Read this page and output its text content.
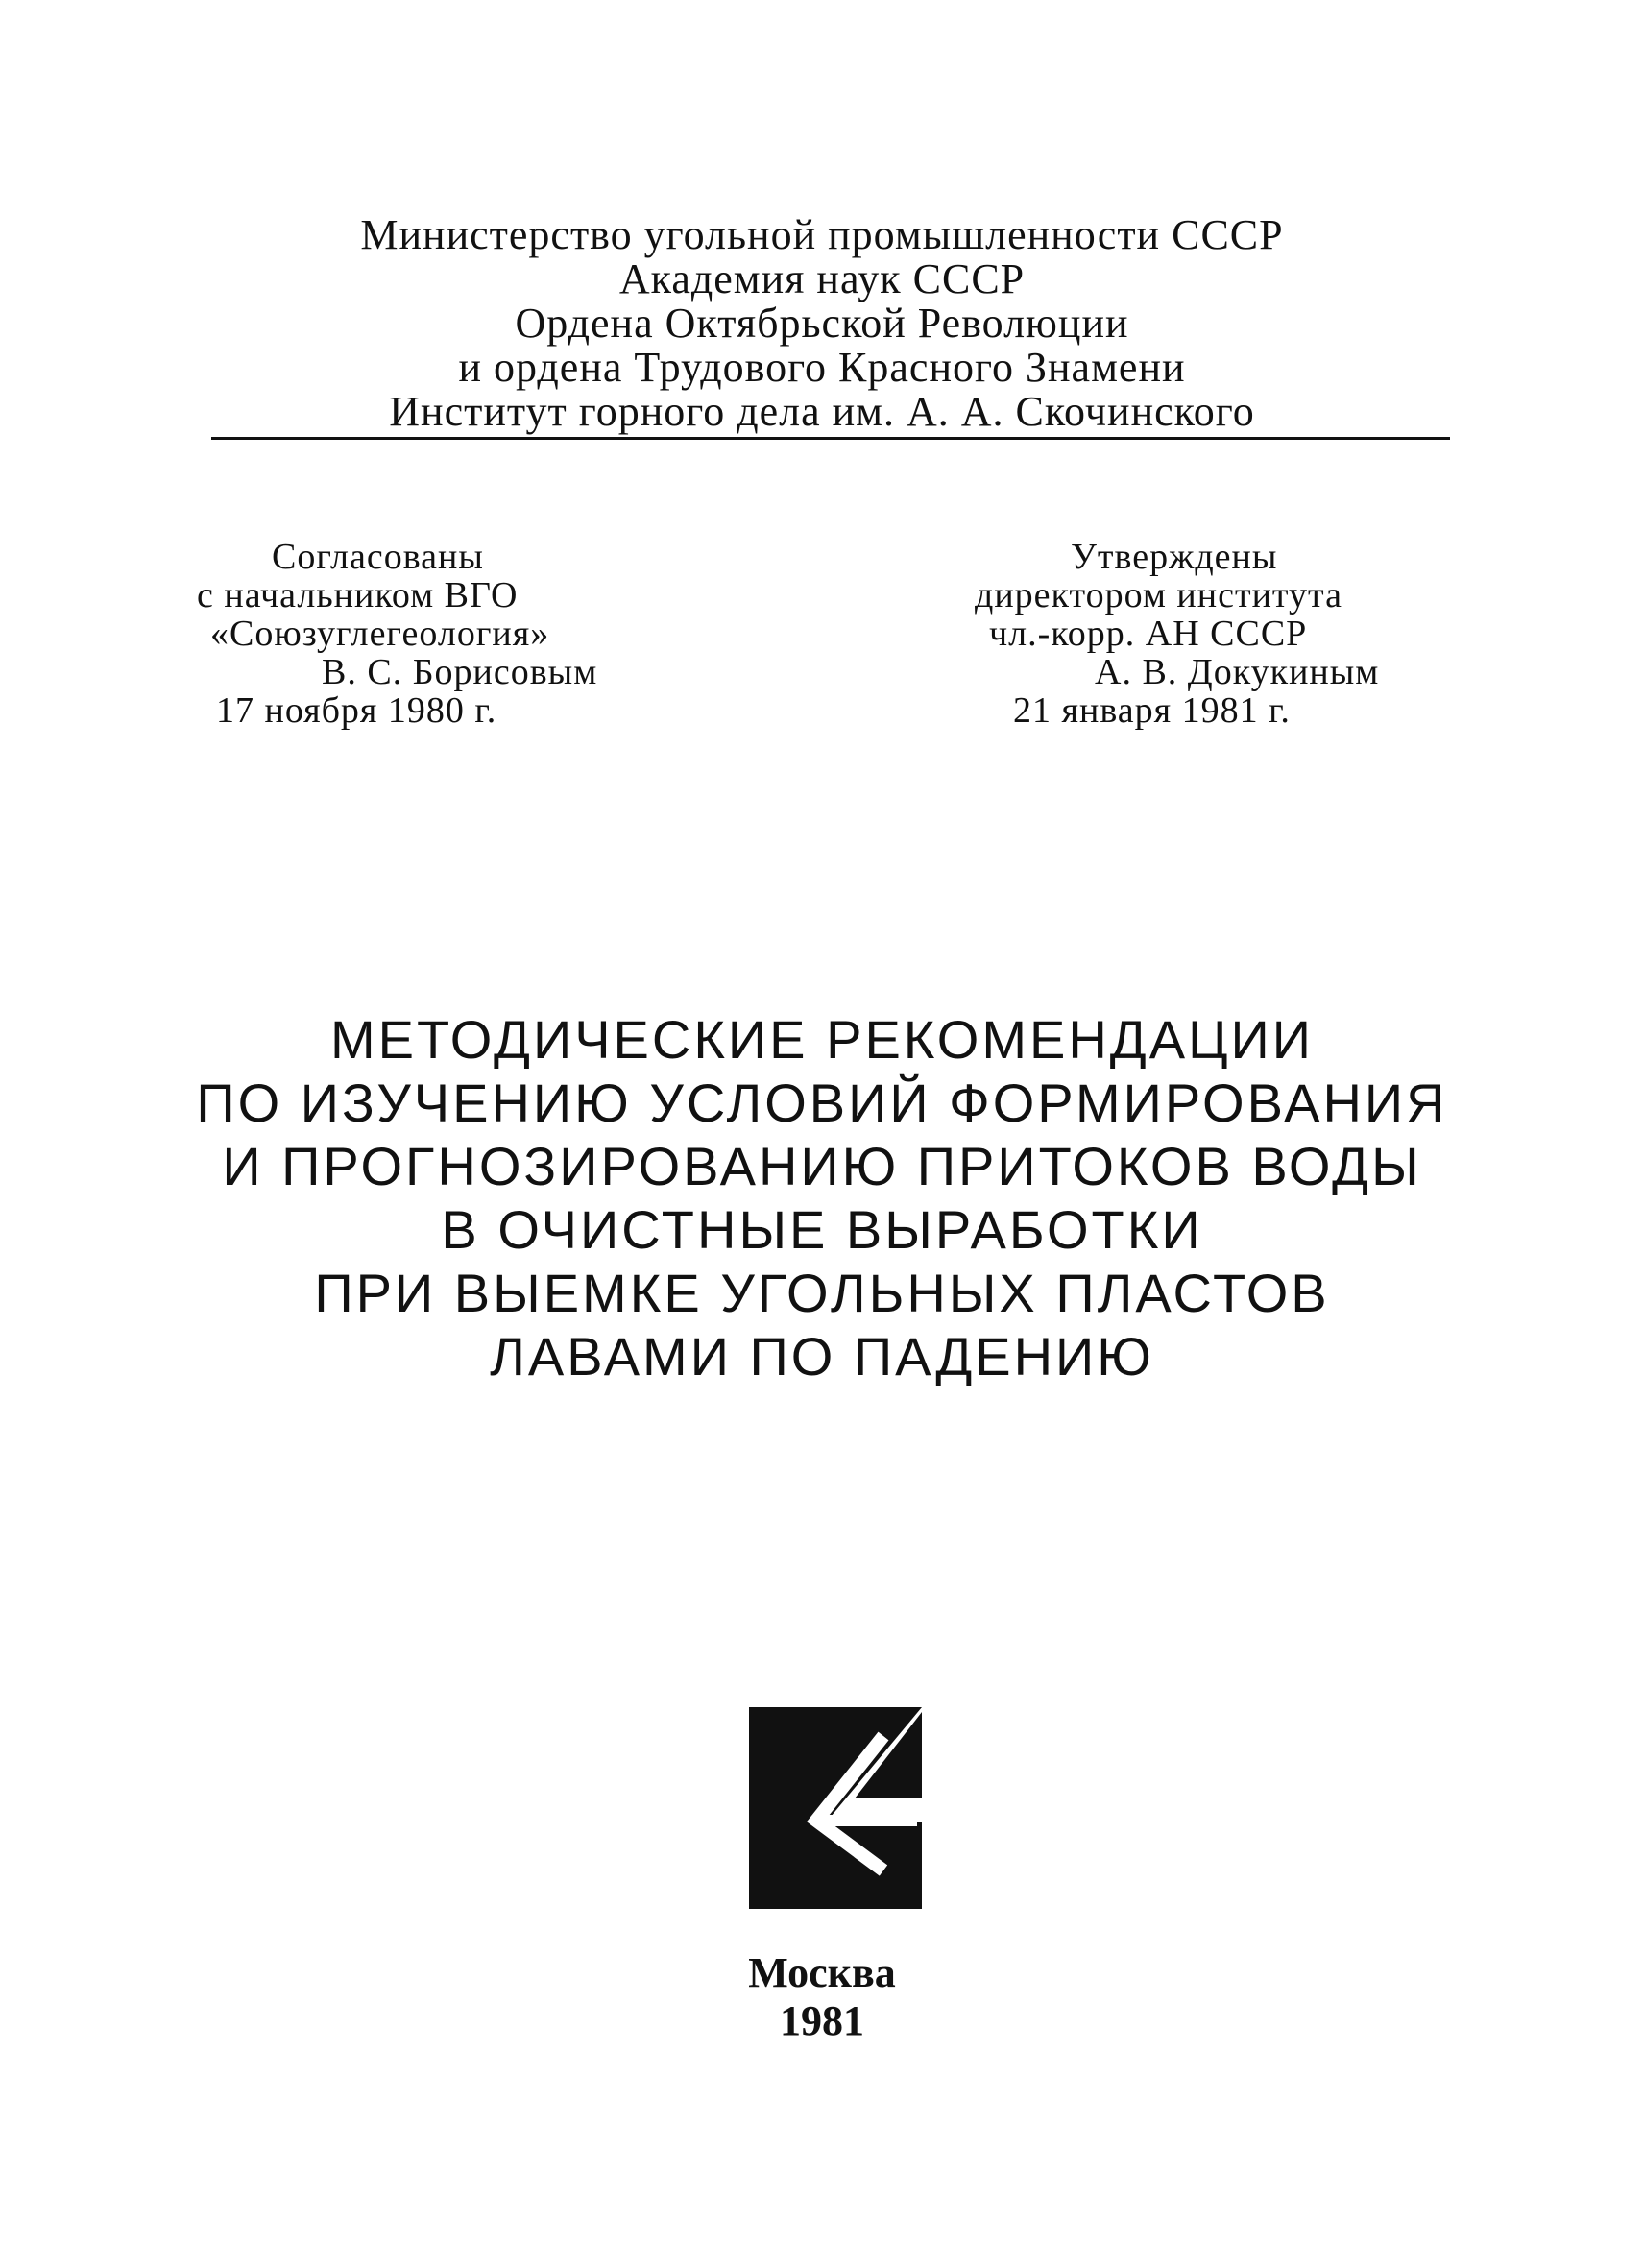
Министерство угольной промышленности СССР
Академия наук СССР
Ордена Октябрьской Революции
и ордена Трудового Красного Знамени
Институт горного дела им. А. А. Скочинского
Согласованы
с начальником ВГО
«Союзуглегеология»
В. С. Борисовым
17 ноября 1980 г.
Утверждены
директором института
чл.-корр. АН СССР
А. В. Докукиным
21 января 1981 г.
МЕТОДИЧЕСКИЕ РЕКОМЕНДАЦИИ
ПО ИЗУЧЕНИЮ УСЛОВИЙ ФОРМИРОВАНИЯ
И ПРОГНОЗИРОВАНИЮ ПРИТОКОВ ВОДЫ
В ОЧИСТНЫЕ ВЫРАБОТКИ
ПРИ ВЫЕМКЕ УГОЛЬНЫХ ПЛАСТОВ
ЛАВАМИ ПО ПАДЕНИЮ
Москва
1981
